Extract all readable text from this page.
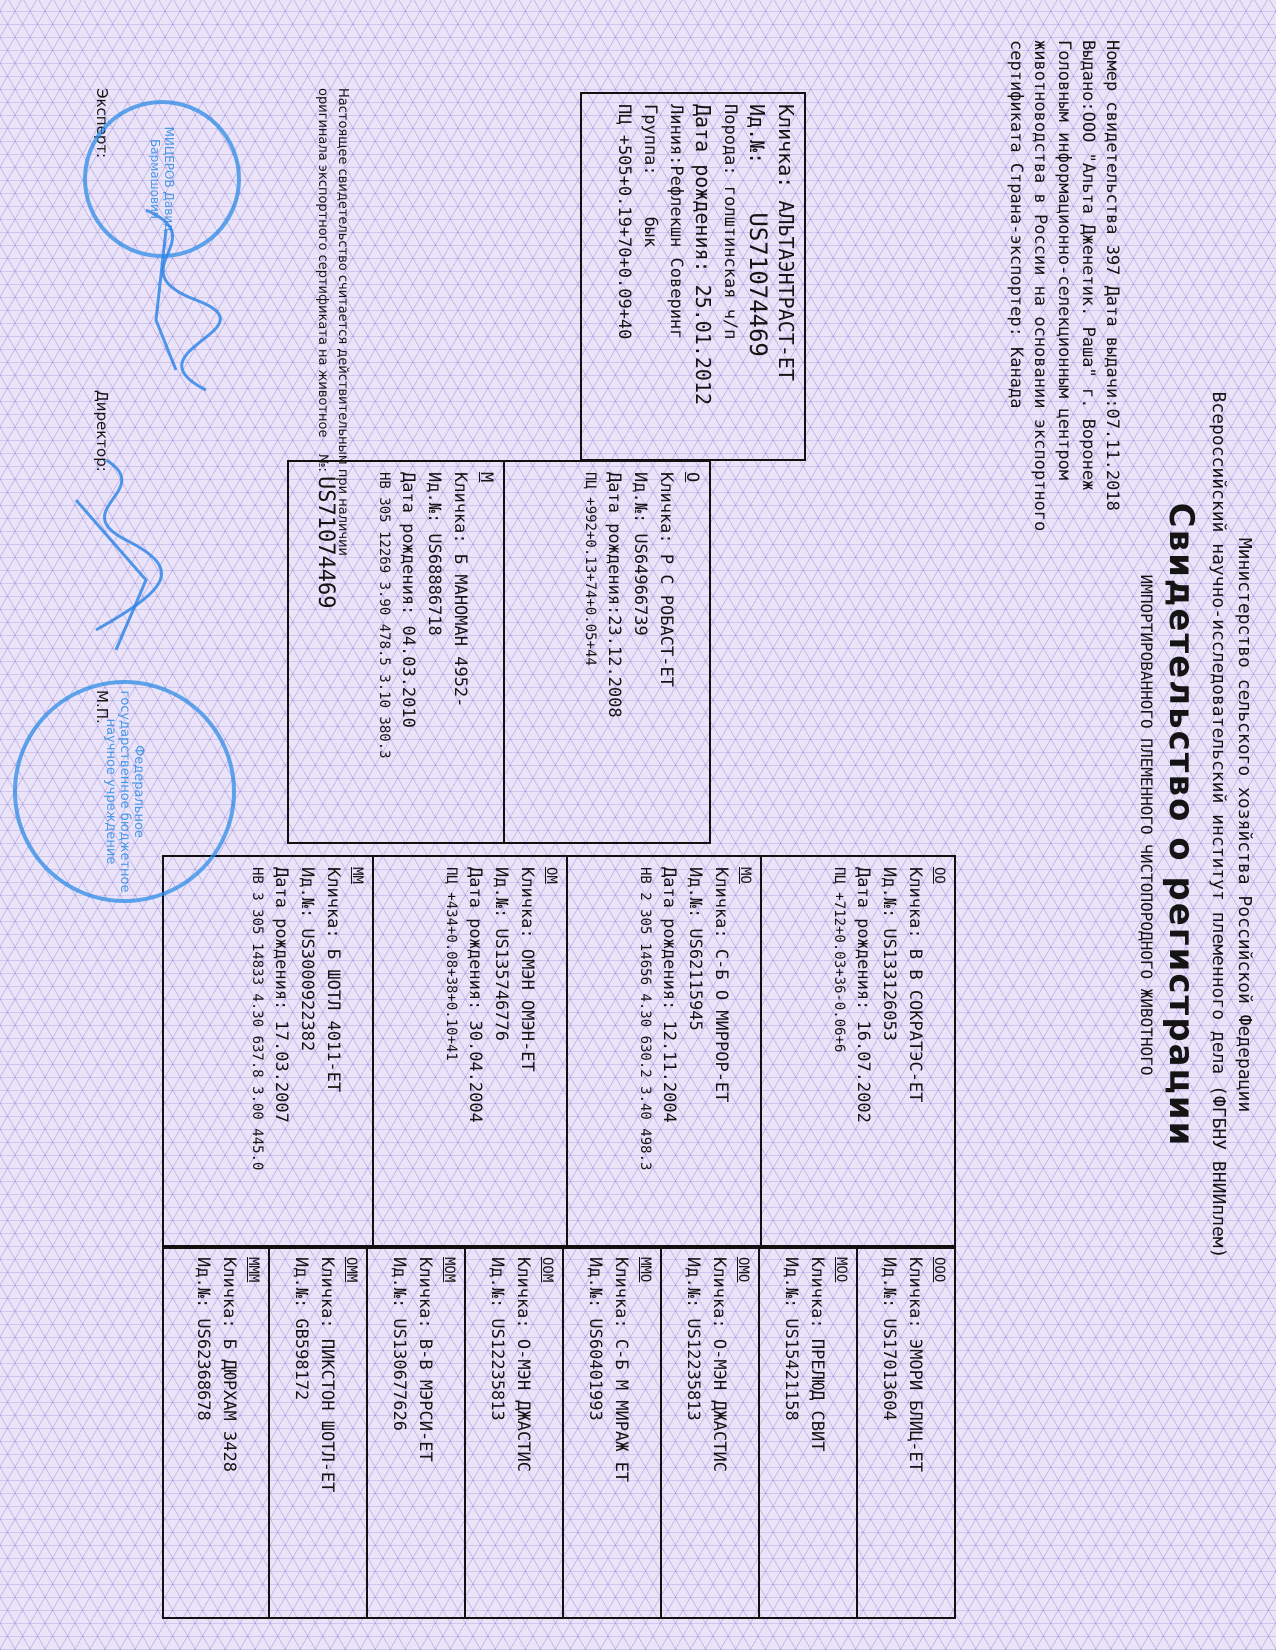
Министерство сельского хозяйства Российской Федерации
Всероссийский научно-исследовательский институт племенного дела (ФГБНУ ВНИИплем)
Свидетельство о регистрации
ИМПОРТИРОВАННОГО ПЛЕМЕННОГО ЧИСТОПОРОДНОГО ЖИВОТНОГО
Номер свидетельства 397 Дата выдачи:07.11.2018
Выдано:ООО "Альта Дженетик. Раша" г. Воронеж
Головным информационно-селекционным центром
животноводства в России на основании экспортного
сертификата Страна-экспортер: Канада
Кличка: АЛЬТАЭНТРАСТ-ЕТ
Ид.№:    US71074469
Порода: голштинская ч/п
Дата рождения: 25.01.2012
Линия:Рефлекшн Соверинг
Группа:    бык
ПЦ +505+0.19+70+0.09+40
О
Кличка: Р С РОБАСТ-ЕТ
Ид.№: US64966739
Дата рождения:23.12.2008
ПЦ +992+0.13+74+0.05+44
М
Кличка: Б МАНОМАН 4952-
Ид.№: US68886718
Дата рождения: 04.03.2010
НВ 305 12269 3.90 478.5 3.10 380.3
ОО
Кличка: В В СОКРАТЭС-ЕТ
Ид.№: US133126053
Дата рождения: 16.07.2002
ПЦ +712+0.03+36-0.06+6
МО
Кличка: С-Б О МИРРОР-ЕТ
Ид.№: US62115945
Дата рождения: 12.11.2004
НВ 2 305 14656 4.30 630.2 3.40 498.3
ОМ
Кличка: ОМЭН ОМЭН-ЕТ
Ид.№: US135746776
Дата рождения: 30.04.2004
ПЦ +434+0.08+38+0.10+41
ММ
Кличка: Б ШОТЛ 4011-ЕТ
Ид.№: US3000922382
Дата рождения: 17.03.2007
НВ 3 305 14833 4.30 637.8 3.00 445.0
ООО
Кличка: ЭМОРИ БЛИЦ-ЕТ
Ид.№: US17013604
МОО
Кличка: ПРЕЛЮД СВИТ
Ид.№: US15421158
ОМО
Кличка: О-МЭН ДЖАСТИС
Ид.№: US12235813
ММО
Кличка: С-Б М МИРАЖ ЕТ
Ид.№: US60401993
ООМ
Кличка: О-МЭН ДЖАСТИС
Ид.№: US12235813
МОМ
Кличка: В-В МЭРСИ-ЕТ
Ид.№: US130677626
ОММ
Кличка: ПИКСТОН ШОТЛ-ЕТ
Ид.№: GB598172
МММ
Кличка: Б ДЮРХАМ 3428
Ид.№: US62368678
Настоящее свидетельство считается действительным при наличии
оригинала экспортного сертификата на животное    №: US71074469
Директор:
М.П.
Эксперт:
МИЦЕРОВ Давид Бармашович
Федеральное государственное бюджетное научное учреждение
